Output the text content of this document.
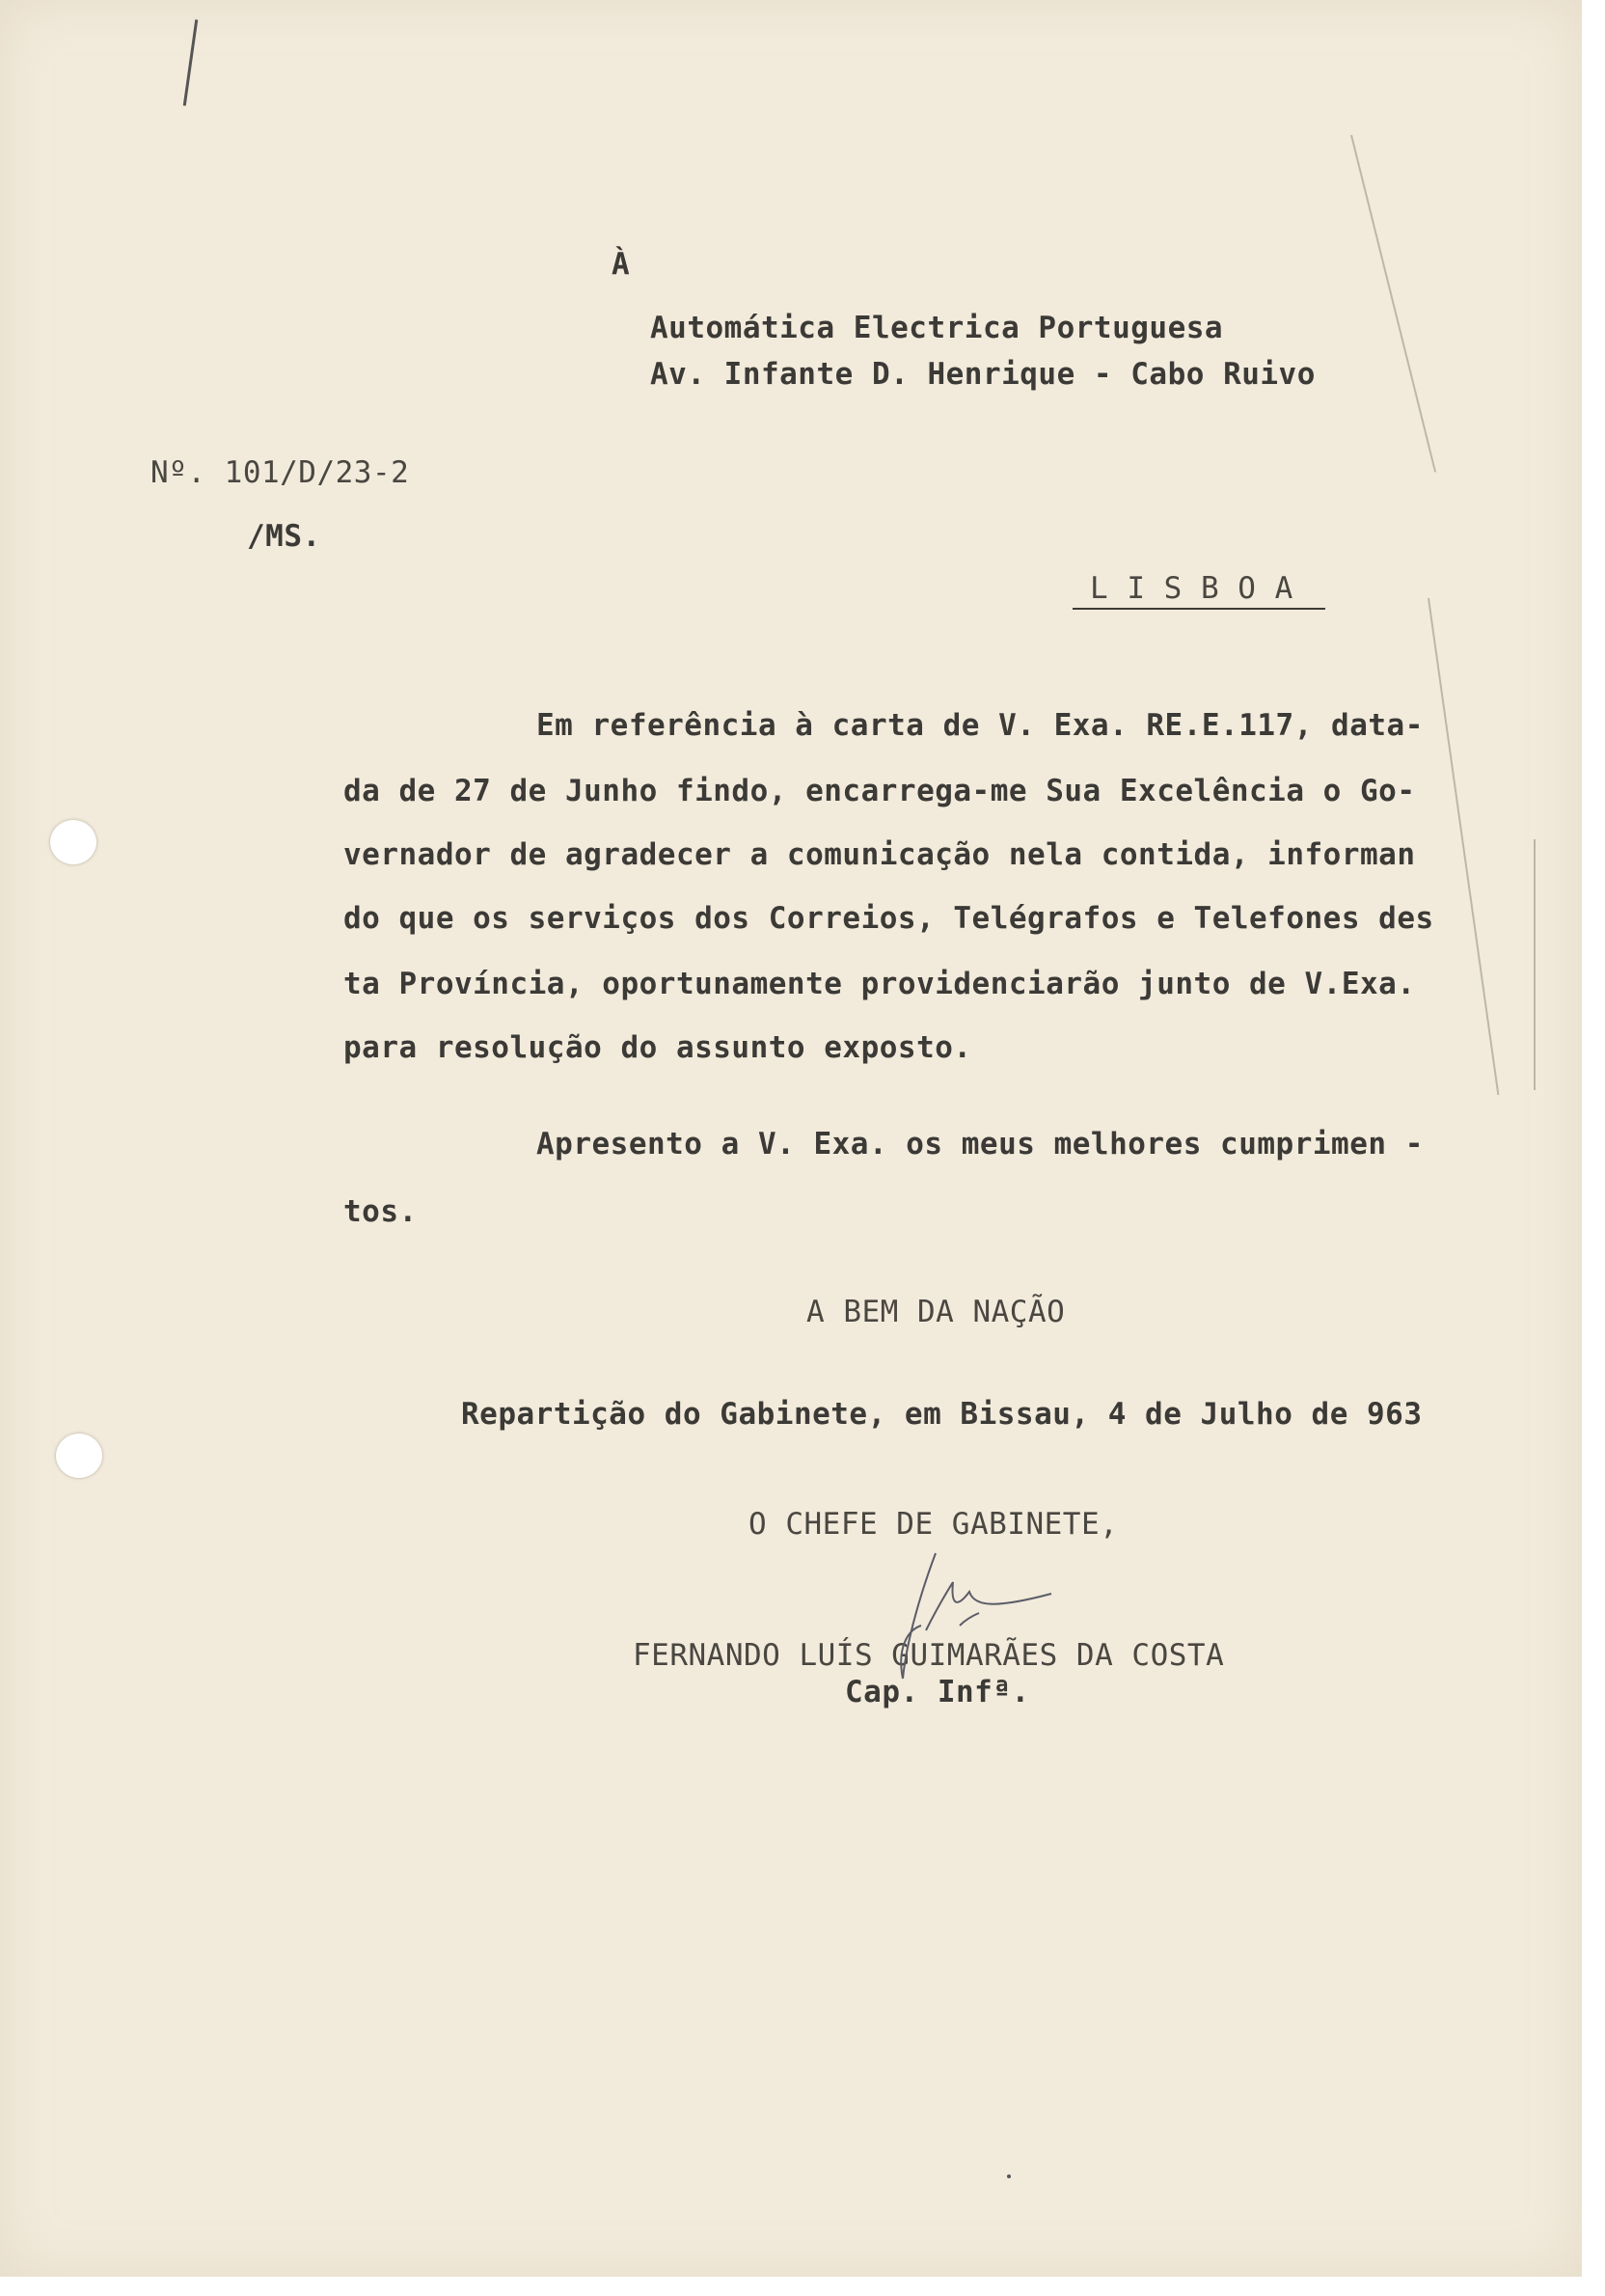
À
Automática Electrica Portuguesa
Av. Infante D. Henrique - Cabo Ruivo
Nº. 101/D/23-2
/MS.
L I S B O A
Em referência à carta de V. Exa. RE.E.117, data-
da de 27 de Junho findo, encarrega-me Sua Excelência o Go-
vernador de agradecer a comunicação nela contida, informan
do que os serviços dos Correios, Telégrafos e Telefones des
ta Província, oportunamente providenciarão junto de V.Exa.
para resolução do assunto exposto.
Apresento a V. Exa. os meus melhores cumprimen -
tos.
A BEM DA NAÇÃO
Repartição do Gabinete, em Bissau, 4 de Julho de 963
O CHEFE DE GABINETE,
FERNANDO LUÍS GUIMARÃES DA COSTA
Cap. Infª.
